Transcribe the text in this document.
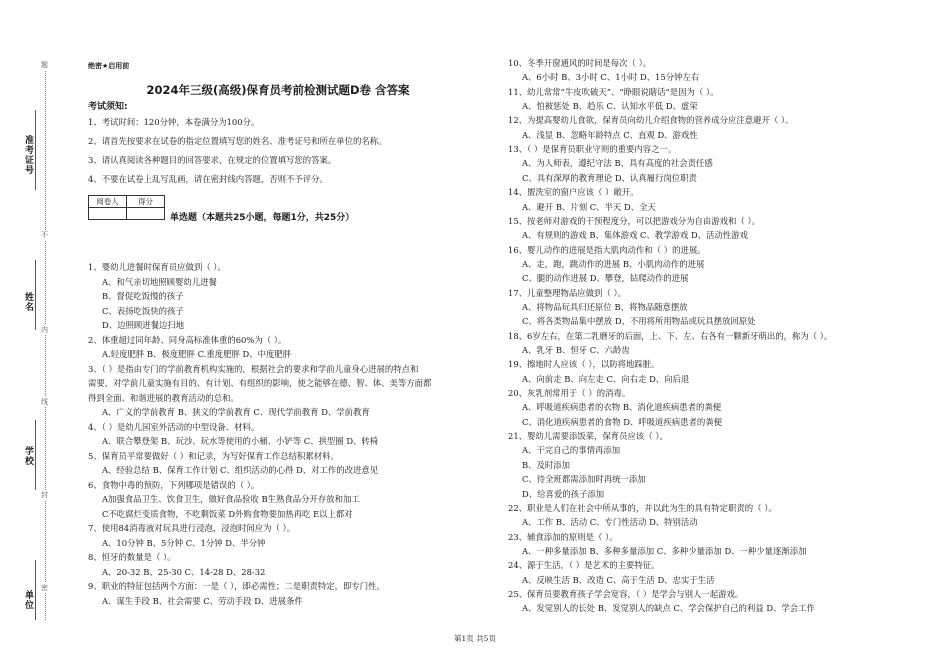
题
不
内
线
封
密
准考证号
姓名
学校
单位
绝密★启用前
2024年三级(高级)保育员考前检测试题D卷 含答案
考试须知:
1、考试时间：120分钟，本卷满分为100分。
2、请首先按要求在试卷的指定位置填写您的姓名、准考证号和所在单位的名称。
3、请认真阅读各种题目的回答要求，在规定的位置填写您的答案。
4、不要在试卷上乱写乱画，请在密封线内答题，否则不予评分。
阅卷人	得分

单选题（本题共25小题，每题1分，共25分）
1、婴幼儿进餐时保育员应做到（ ）。
A、和气亲切地照顾婴幼儿进餐
B、督促吃饭慢的孩子
C、表扬吃饭快的孩子
D、边照顾进餐边扫地
2、体重超过同年龄、同身高标准体重的60%为（ ）。
A.轻度肥胖 B、极度肥胖 C.重度肥胖 D、中度肥胖
3、（ ）是指由专门的学前教育机构实施的，根据社会的要求和学前儿童身心进展的特点和
需要，对学前儿童实施有目的、有计划、有组织的影响，使之能够在德、智、体、美等方面都
得到全面、和谐进展的教育活动的总和。
A、广义的学前教育 B、狭义的学前教育 C、现代学前教育 D、学前教育
4、（ ）是幼儿园室外活动的中型设备、材料。
A、联合攀登架 B、玩沙、玩水等使用的小桶、小铲等 C、拱型圈 D、转椅
5、保育员平常要做好（ ）和记录，为写好保育工作总结积累材料。
A、经验总结 B、保育工作计划 C、组织活动的心得 D、对工作的改进意见
6、食物中毒的预防，下列哪项是错误的（ ）。
A加强食品卫生、饮食卫生，做好食品验收 B生熟食品分开存放和加工
C不吃腐烂变质食物，不吃剩饭菜 D外购食物要加热再吃 E以上都对
7、使用84消毒液对玩具进行浸泡，浸泡时间应为（ ）。
A、10分钟 B、5分钟 C、1分钟 D、半分钟
8、恒牙的数量是（ ）。
A、20-32 B、25-30 C、14-28 D、28-32
9、职业的特征包括两个方面：一是（ ），即必需性；二是职责特定，即专门性。
A、谋生手段 B、社会需要 C、劳动手段 D、进展条件
10、冬季开窗通风的时间是每次（ ）。
A、6小时 B、3小时 C、1小时 D、15分钟左右
11、幼儿常常“牛皮吹破天”、“睁眼说瞎话”是因为（ ）。
A、怕被惩处 B、趋乐 C、认知水平低 D、虚荣
12、为提高婴幼儿食欲，保育员向幼儿介绍食物的营养成分应注意避开（ ）。
A、浅显 B、忽略年龄特点 C、直观 D、游戏性
13、（ ）是保育员职业守则的重要内容之一。
A、为人师表，遵纪守法 B、具有高度的社会责任感
C、具有深厚的教育理论 D、认真履行岗位职责
14、盥洗室的窗户应该（ ）敞开。
A、避开 B、片刻 C、半天 D、全天
15、按老师对游戏的干预程度分，可以把游戏分为自由游戏和（ ）。
A、有规则的游戏 B、集体游戏 C、教学游戏 D、活动性游戏
16、婴儿动作的进展是指大肌肉动作和（ ）的进展。
A、走，跑，跳动作的进展 B、小肌肉动作的进展
C、腿的动作进展 D、攀登，钻爬动作的进展
17、儿童整理物品应做到（ ）。
A、将物品玩具归还原位 B、将物品随意摆放
C、将各类物品集中摆放 D、不用将所用物品或玩具摆放回原处
18、6岁左右，在第二乳磨牙的后面，上、下、左、右各有一颗新牙萌出的，称为（ ）。
A、乳牙 B、恒牙 C、六龄齿
19、擦地时人应该（ ），以防将地踩脏。
A、向前走 B、向左走 C、向右走 D、向后退
20、灰乳剂常用于（ ）的消毒。
A、呼吸道疾病患者的衣物 B、消化道疾病患者的粪便
C、消化道疾病患者的食物 D、呼吸道疾病患者的粪便
21、婴幼儿需要添饭菜，保育员应该（ ）。
A、干完自己的事情再添加
B、及时添加
C、待全班都需添加时再统一添加
D、给喜爱的孩子添加
22、职业是人们在社会中所从事的，并以此为生的具有特定职责的（ ）。
A、工作 B、活动 C、专门性活动 D、特别活动
23、辅食添加的原则是（ ）。
A、一种多量添加 B、多种多量添加 C、多种少量添加 D、一种少量逐渐添加
24、源于生活，（ ）是艺术的主要特征。
A、反映生活 B、改造 C、高于生活 D、忠实于生活
25、保育员要教育孩子学会宽容，（ ）是学会与别人一起游戏。
A、发觉别人的长处 B、发觉别人的缺点 C、学会保护自己的利益 D、学会工作
第1页 共5页
